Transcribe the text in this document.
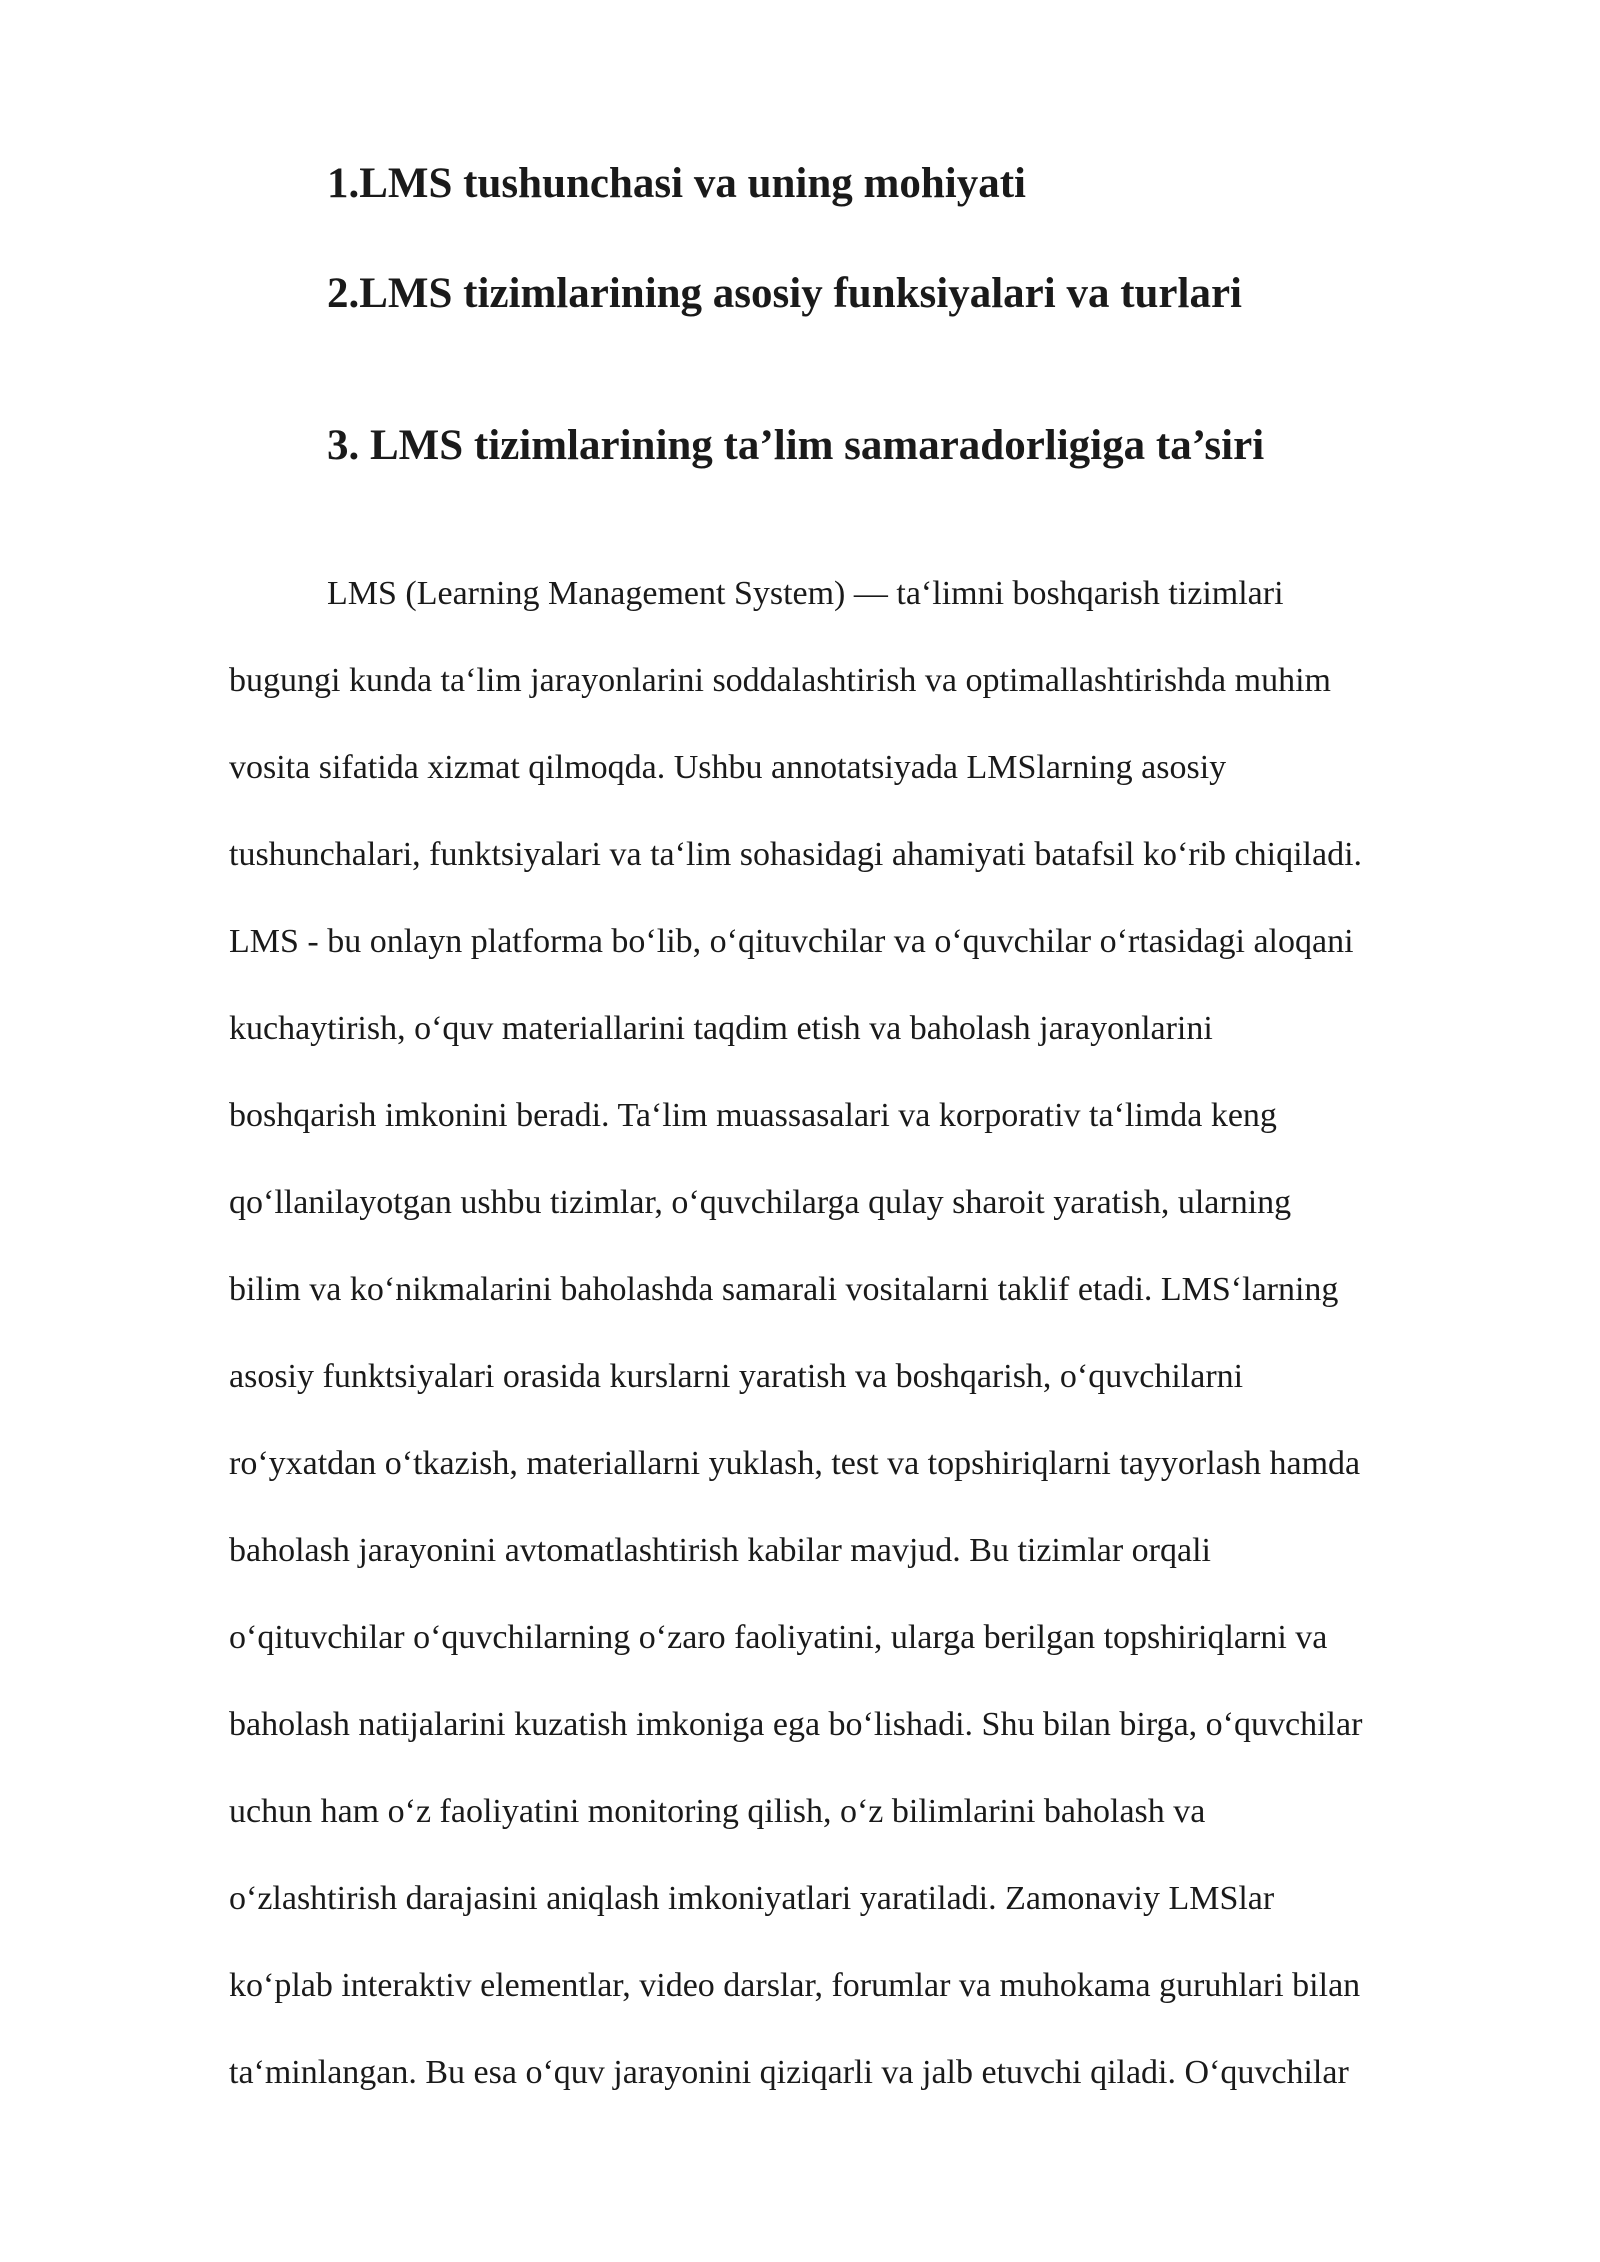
1.LMS tushunchasi va uning mohiyati
2.LMS tizimlarining asosiy funksiyalari va turlari
3. LMS tizimlarining ta’lim samaradorligiga ta’siri
LMS (Learning Management System) — ta‘limni boshqarish tizimlari
bugungi kunda ta‘lim jarayonlarini soddalashtirish va optimallashtirishda muhim
vosita sifatida xizmat qilmoqda. Ushbu annotatsiyada LMSlarning asosiy
tushunchalari, funktsiyalari va ta‘lim sohasidagi ahamiyati batafsil ko‘rib chiqiladi.
LMS - bu onlayn platforma bo‘lib, o‘qituvchilar va o‘quvchilar o‘rtasidagi aloqani
kuchaytirish, o‘quv materiallarini taqdim etish va baholash jarayonlarini
boshqarish imkonini beradi. Ta‘lim muassasalari va korporativ ta‘limda keng
qo‘llanilayotgan ushbu tizimlar, o‘quvchilarga qulay sharoit yaratish, ularning
bilim va ko‘nikmalarini baholashda samarali vositalarni taklif etadi. LMS‘larning
asosiy funktsiyalari orasida kurslarni yaratish va boshqarish, o‘quvchilarni
ro‘yxatdan o‘tkazish, materiallarni yuklash, test va topshiriqlarni tayyorlash hamda
baholash jarayonini avtomatlashtirish kabilar mavjud. Bu tizimlar orqali
o‘qituvchilar o‘quvchilarning o‘zaro faoliyatini, ularga berilgan topshiriqlarni va
baholash natijalarini kuzatish imkoniga ega bo‘lishadi. Shu bilan birga, o‘quvchilar
uchun ham o‘z faoliyatini monitoring qilish, o‘z bilimlarini baholash va
o‘zlashtirish darajasini aniqlash imkoniyatlari yaratiladi. Zamonaviy LMSlar
ko‘plab interaktiv elementlar, video darslar, forumlar va muhokama guruhlari bilan
ta‘minlangan. Bu esa o‘quv jarayonini qiziqarli va jalb etuvchi qiladi. O‘quvchilar
